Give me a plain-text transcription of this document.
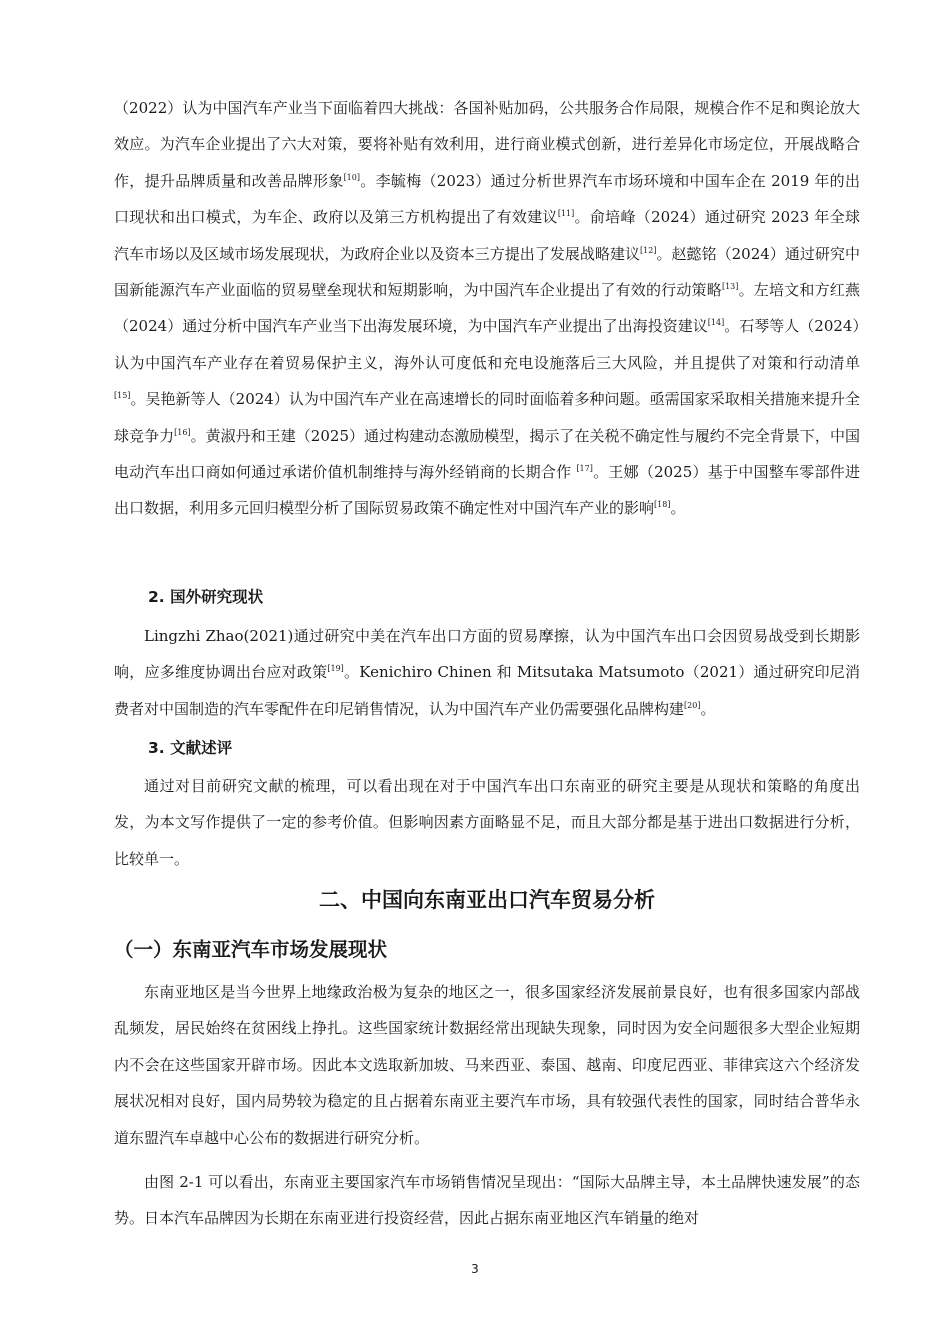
（2022）认为中国汽车产业当下面临着四大挑战：各国补贴加码，公共服务合作局限，规模合作不足和舆论放大效应。为汽车企业提出了六大对策，要将补贴有效利用，进行商业模式创新，进行差异化市场定位，开展战略合作，提升品牌质量和改善品牌形象[10]。李毓梅（2023）通过分析世界汽车市场环境和中国车企在 2019 年的出口现状和出口模式，为车企、政府以及第三方机构提出了有效建议[11]。俞培峰（2024）通过研究 2023 年全球汽车市场以及区域市场发展现状，为政府企业以及资本三方提出了发展战略建议[12]。赵懿铭（2024）通过研究中国新能源汽车产业面临的贸易壁垒现状和短期影响，为中国汽车企业提出了有效的行动策略[13]。左培文和方红燕（2024）通过分析中国汽车产业当下出海发展环境，为中国汽车产业提出了出海投资建议[14]。石琴等人（2024）认为中国汽车产业存在着贸易保护主义，海外认可度低和充电设施落后三大风险，并且提供了对策和行动清单[15]。吴艳新等人（2024）认为中国汽车产业在高速增长的同时面临着多种问题。亟需国家采取相关措施来提升全球竞争力[16]。黄淑丹和王建（2025）通过构建动态激励模型，揭示了在关税不确定性与履约不完全背景下，中国电动汽车出口商如何通过承诺价值机制维持与海外经销商的长期合作 [17]。王娜（2025）基于中国整车零部件进出口数据，利用多元回归模型分析了国际贸易政策不确定性对中国汽车产业的影响[18]。

2. 国外研究现状

Lingzhi Zhao(2021)通过研究中美在汽车出口方面的贸易摩擦，认为中国汽车出口会因贸易战受到长期影响，应多维度协调出台应对政策[19]。Kenichiro Chinen 和 Mitsutaka Matsumoto（2021）通过研究印尼消费者对中国制造的汽车零配件在印尼销售情况，认为中国汽车产业仍需要强化品牌构建[20]。

3. 文献述评

通过对目前研究文献的梳理，可以看出现在对于中国汽车出口东南亚的研究主要是从现状和策略的角度出发，为本文写作提供了一定的参考价值。但影响因素方面略显不足，而且大部分都是基于进出口数据进行分析，比较单一。

二、中国向东南亚出口汽车贸易分析
（一）东南亚汽车市场发展现状

东南亚地区是当今世界上地缘政治极为复杂的地区之一，很多国家经济发展前景良好，也有很多国家内部战乱频发，居民始终在贫困线上挣扎。这些国家统计数据经常出现缺失现象，同时因为安全问题很多大型企业短期内不会在这些国家开辟市场。因此本文选取新加坡、马来西亚、泰国、越南、印度尼西亚、菲律宾这六个经济发展状况相对良好，国内局势较为稳定的且占据着东南亚主要汽车市场，具有较强代表性的国家，同时结合普华永道东盟汽车卓越中心公布的数据进行研究分析。

由图 2-1 可以看出，东南亚主要国家汽车市场销售情况呈现出：“国际大品牌主导，本土品牌快速发展”的态势。日本汽车品牌因为长期在东南亚进行投资经营，因此占据东南亚地区汽车销量的绝对

3
